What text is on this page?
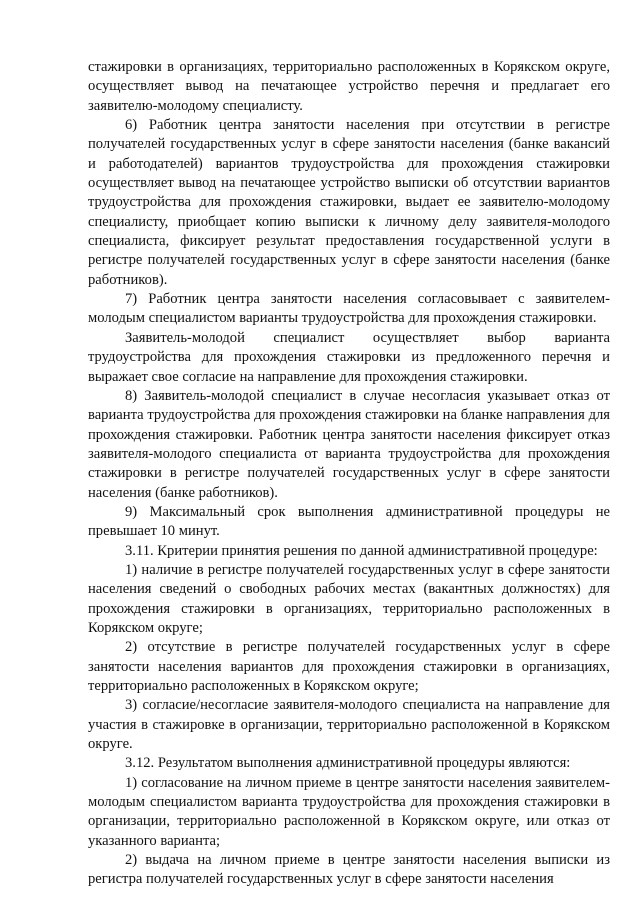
стажировки в организациях, территориально расположенных в Корякском округе, осуществляет вывод на печатающее устройство перечня и предлагает его заявителю-молодому специалисту.

6) Работник центра занятости населения при отсутствии в регистре получателей государственных услуг в сфере занятости населения (банке вакансий и работодателей) вариантов трудоустройства для прохождения стажировки осуществляет вывод на печатающее устройство выписки об отсутствии вариантов трудоустройства для прохождения стажировки, выдает ее заявителю-молодому специалисту, приобщает копию выписки к личному делу заявителя-молодого специалиста, фиксирует результат предоставления государственной услуги в регистре получателей государственных услуг в сфере занятости населения (банке работников).

7) Работник центра занятости населения согласовывает с заявителем-молодым специалистом варианты трудоустройства для прохождения стажировки.

Заявитель-молодой специалист осуществляет выбор варианта трудоустройства для прохождения стажировки из предложенного перечня и выражает свое согласие на направление для прохождения стажировки.

8) Заявитель-молодой специалист в случае несогласия указывает отказ от варианта трудоустройства для прохождения стажировки на бланке направления для прохождения стажировки. Работник центра занятости населения фиксирует отказ заявителя-молодого специалиста от варианта трудоустройства для прохождения стажировки в регистре получателей государственных услуг в сфере занятости населения (банке работников).

9) Максимальный срок выполнения административной процедуры не превышает 10 минут.

3.11. Критерии принятия решения по данной административной процедуре:

1) наличие в регистре получателей государственных услуг в сфере занятости населения сведений о свободных рабочих местах (вакантных должностях) для прохождения стажировки в организациях, территориально расположенных в Корякском округе;

2) отсутствие в регистре получателей государственных услуг в сфере занятости населения вариантов для прохождения стажировки в организациях, территориально расположенных в Корякском округе;

3) согласие/несогласие заявителя-молодого специалиста на направление для участия в стажировке в организации, территориально расположенной в Корякском округе.

3.12. Результатом выполнения административной процедуры являются:

1) согласование на личном приеме в центре занятости населения заявителем-молодым специалистом варианта трудоустройства для прохождения стажировки в организации, территориально расположенной в Корякском округе, или отказ от указанного варианта;

2) выдача на личном приеме в центре занятости населения выписки из регистра получателей государственных услуг в сфере занятости населения
